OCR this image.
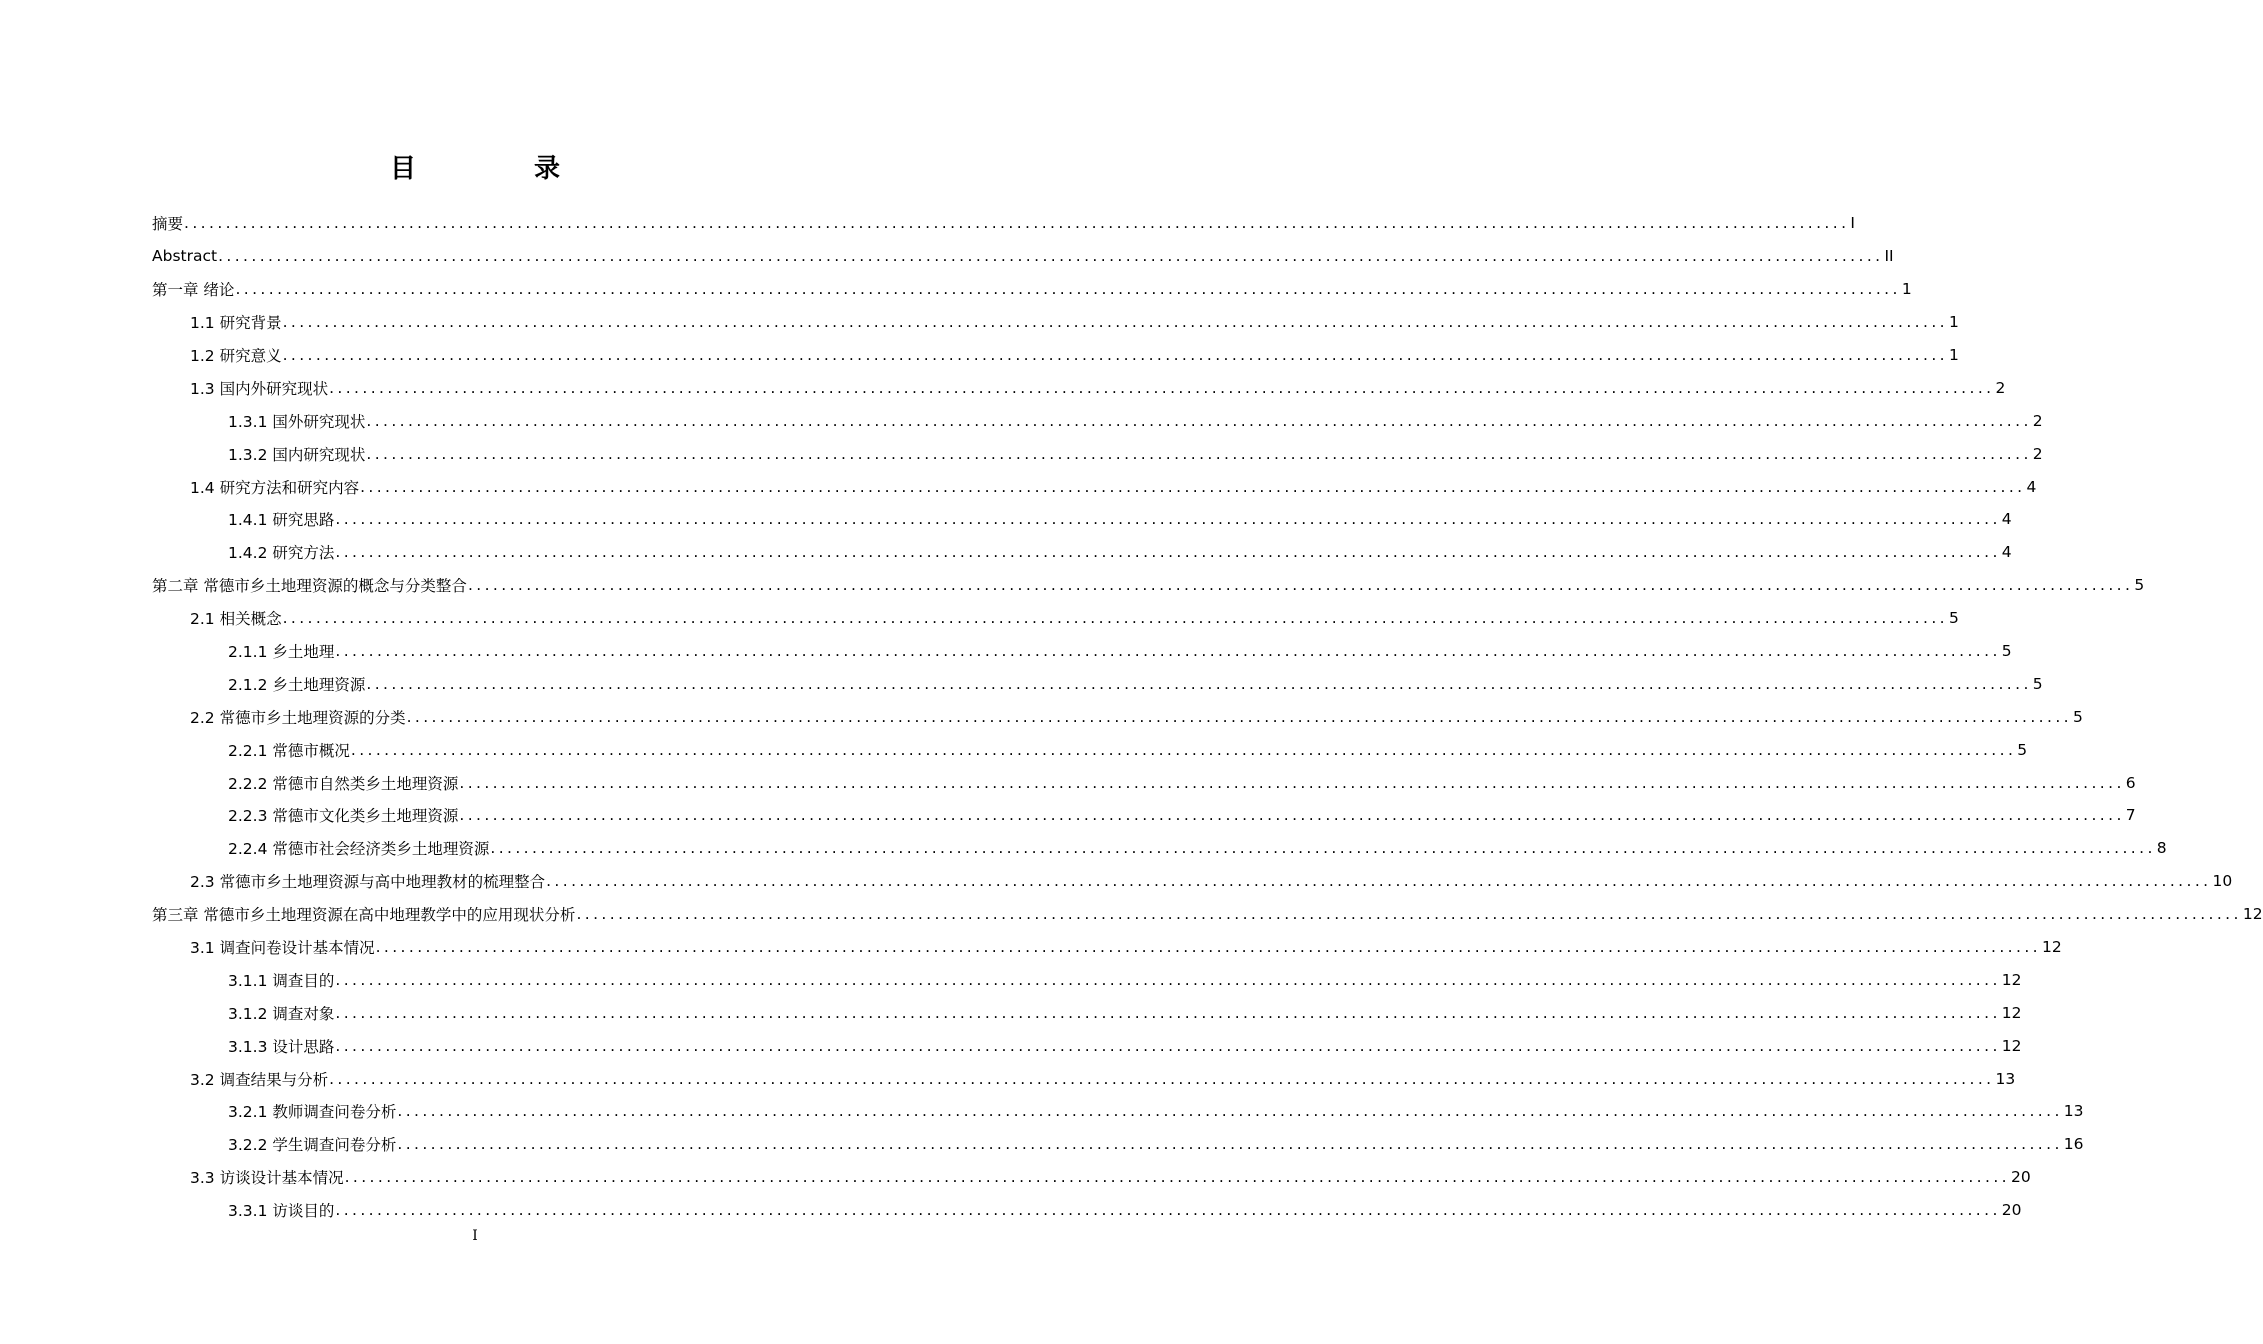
目　录
摘要 ........................................................................................................................................................................................................ I
Abstract ........................................................................................................................................................................................................ II
第一章 绪论 ........................................................................................................................................................................................................ 1
1.1 研究背景 ........................................................................................................................................................................................................ 1
1.2 研究意义 ........................................................................................................................................................................................................ 1
1.3 国内外研究现状 ........................................................................................................................................................................................................ 2
1.3.1 国外研究现状 ........................................................................................................................................................................................................ 2
1.3.2 国内研究现状 ........................................................................................................................................................................................................ 2
1.4 研究方法和研究内容 ........................................................................................................................................................................................................ 4
1.4.1 研究思路 ........................................................................................................................................................................................................ 4
1.4.2 研究方法 ........................................................................................................................................................................................................ 4
第二章 常德市乡土地理资源的概念与分类整合 ........................................................................................................................................................................................................ 5
2.1 相关概念 ........................................................................................................................................................................................................ 5
2.1.1 乡土地理 ........................................................................................................................................................................................................ 5
2.1.2 乡土地理资源 ........................................................................................................................................................................................................ 5
2.2 常德市乡土地理资源的分类 ........................................................................................................................................................................................................ 5
2.2.1 常德市概况 ........................................................................................................................................................................................................ 5
2.2.2 常德市自然类乡土地理资源 ........................................................................................................................................................................................................ 6
2.2.3 常德市文化类乡土地理资源 ........................................................................................................................................................................................................ 7
2.2.4 常德市社会经济类乡土地理资源 ........................................................................................................................................................................................................ 8
2.3 常德市乡土地理资源与高中地理教材的梳理整合 ........................................................................................................................................................................................................ 10
第三章 常德市乡土地理资源在高中地理教学中的应用现状分析 ........................................................................................................................................................................................................ 12
3.1 调查问卷设计基本情况 ........................................................................................................................................................................................................ 12
3.1.1 调查目的 ........................................................................................................................................................................................................ 12
3.1.2 调查对象 ........................................................................................................................................................................................................ 12
3.1.3 设计思路 ........................................................................................................................................................................................................ 12
3.2 调查结果与分析 ........................................................................................................................................................................................................ 13
3.2.1 教师调查问卷分析 ........................................................................................................................................................................................................ 13
3.2.2 学生调查问卷分析 ........................................................................................................................................................................................................ 16
3.3 访谈设计基本情况 ........................................................................................................................................................................................................ 20
3.3.1 访谈目的 ........................................................................................................................................................................................................ 20
I
